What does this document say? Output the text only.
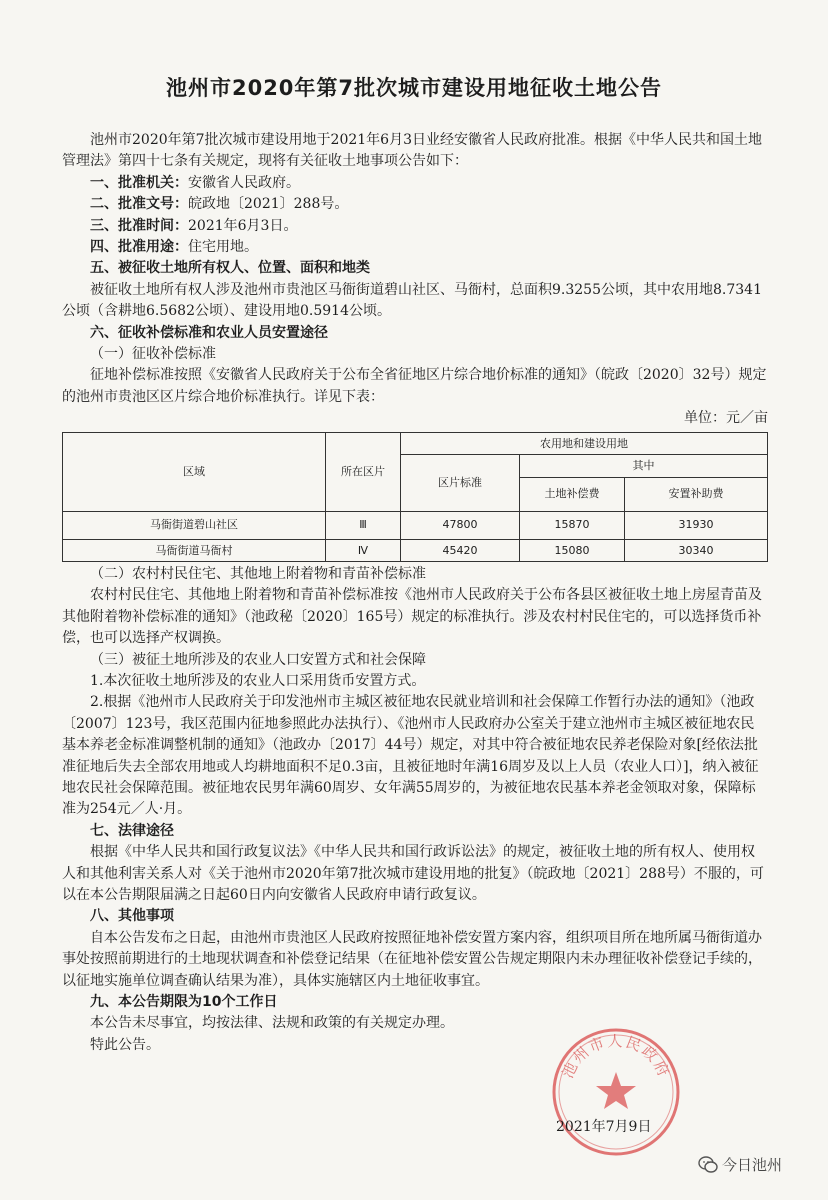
池州市2020年第7批次城市建设用地征收土地公告

池州市2020年第7批次城市建设用地于2021年6月3日业经安徽省人民政府批准。根据《中华人民共和国土地管理法》第四十七条有关规定，现将有关征收土地事项公告如下：

一、批准机关：安徽省人民政府。

二、批准文号：皖政地〔2021〕288号。

三、批准时间：2021年6月3日。

四、批准用途：住宅用地。

五、被征收土地所有权人、位置、面积和地类

被征收土地所有权人涉及池州市贵池区马衙街道碧山社区、马衙村，总面积9.3255公顷，其中农用地8.7341公顷（含耕地6.5682公顷）、建设用地0.5914公顷。

六、征收补偿标准和农业人员安置途径

（一）征收补偿标准

征地补偿标准按照《安徽省人民政府关于公布全省征地区片综合地价标准的通知》（皖政〔2020〕32号）规定的池州市贵池区区片综合地价标准执行。详见下表：

单位：元／亩

区域	所在区片	农用地和建设用地		
		区片标准	其中	
			土地补偿费	安置补助费
马衙街道碧山社区	Ⅲ	47800	15870	31930
马衙街道马衙村	Ⅳ	45420	15080	30340

（二）农村村民住宅、其他地上附着物和青苗补偿标准

农村村民住宅、其他地上附着物和青苗补偿标准按《池州市人民政府关于公布各县区被征收土地上房屋青苗及其他附着物补偿标准的通知》（池政秘〔2020〕165号）规定的标准执行。涉及农村村民住宅的，可以选择货币补偿，也可以选择产权调换。

（三）被征土地所涉及的农业人口安置方式和社会保障

1.本次征收土地所涉及的农业人口采用货币安置方式。

2.根据《池州市人民政府关于印发池州市主城区被征地农民就业培训和社会保障工作暂行办法的通知》（池政〔2007〕123号，我区范围内征地参照此办法执行）、《池州市人民政府办公室关于建立池州市主城区被征地农民基本养老金标准调整机制的通知》（池政办〔2017〕44号）规定，对其中符合被征地农民养老保险对象[经依法批准征地后失去全部农用地或人均耕地面积不足0.3亩，且被征地时年满16周岁及以上人员（农业人口）]，纳入被征地农民社会保障范围。被征地农民男年满60周岁、女年满55周岁的，为被征地农民基本养老金领取对象，保障标准为254元／人·月。

七、法律途径

根据《中华人民共和国行政复议法》《中华人民共和国行政诉讼法》的规定，被征收土地的所有权人、使用权人和其他利害关系人对《关于池州市2020年第7批次城市建设用地的批复》（皖政地〔2021〕288号）不服的，可以在本公告期限届满之日起60日内向安徽省人民政府申请行政复议。

八、其他事项

自本公告发布之日起，由池州市贵池区人民政府按照征地补偿安置方案内容，组织项目所在地所属马衙街道办事处按照前期进行的土地现状调查和补偿登记结果（在征地补偿安置公告规定期限内未办理征收补偿登记手续的，以征地实施单位调查确认结果为准），具体实施辖区内土地征收事宜。

九、本公告期限为10个工作日

本公告未尽事宜，均按法律、法规和政策的有关规定办理。

特此公告。

池州市人民政府
2021年7月9日
今日池州
